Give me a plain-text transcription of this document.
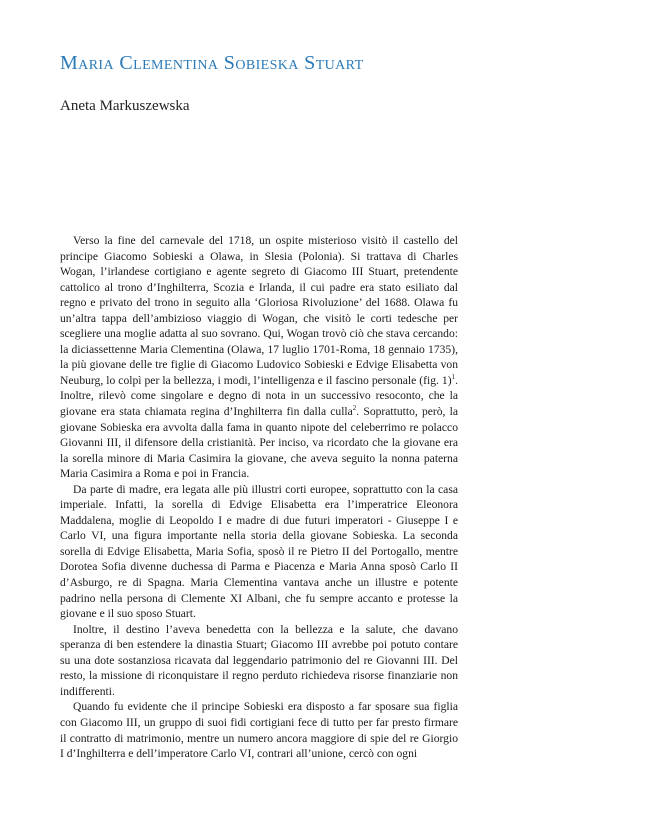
Maria Clementina Sobieska Stuart
Aneta Markuszewska

Verso la fine del carnevale del 1718, un ospite misterioso visitò il castello del principe Giacomo Sobieski a Olawa, in Slesia (Polonia). Si trattava di Charles Wogan, l’irlandese cortigiano e agente segreto di Giacomo III Stuart, pretendente cattolico al trono d’Inghilterra, Scozia e Irlanda, il cui padre era stato esiliato dal regno e privato del trono in seguito alla ‘Gloriosa Rivoluzione’ del 1688. Olawa fu un’altra tappa dell’ambizioso viaggio di Wogan, che visitò le corti tedesche per scegliere una moglie adatta al suo sovrano. Qui, Wogan trovò ciò che stava cercando: la diciassettenne Maria Clementina (Olawa, 17 luglio 1701-Roma, 18 gennaio 1735), la più giovane delle tre figlie di Giacomo Ludovico Sobieski e Edvige Elisabetta von Neuburg, lo colpì per la bellezza, i modi, l’intelligenza e il fascino personale (fig. 1)$^1$. Inoltre, rilevò come singolare e degno di nota in un successivo resoconto, che la giovane era stata chiamata regina d’Inghilterra fin dalla culla$^2$. Soprattutto, però, la giovane Sobieska era avvolta dalla fama in quanto nipote del celeberrimo re polacco Giovanni III, il difensore della cristianità. Per inciso, va ricordato che la giovane era la sorella minore di Maria Casimira la giovane, che aveva seguito la nonna paterna Maria Casimira a Roma e poi in Francia.

Da parte di madre, era legata alle più illustri corti europee, soprattutto con la casa imperiale. Infatti, la sorella di Edvige Elisabetta era l’imperatrice Eleonora Maddalena, moglie di Leopoldo I e madre di due futuri imperatori - Giuseppe I e Carlo VI, una figura importante nella storia della giovane Sobieska. La seconda sorella di Edvige Elisabetta, Maria Sofia, sposò il re Pietro II del Portogallo, mentre Dorotea Sofia divenne duchessa di Parma e Piacenza e Maria Anna sposò Carlo II d’Asburgo, re di Spagna. Maria Clementina vantava anche un illustre e potente padrino nella persona di Clemente XI Albani, che fu sempre accanto e protesse la giovane e il suo sposo Stuart.

Inoltre, il destino l’aveva benedetta con la bellezza e la salute, che davano speranza di ben estendere la dinastia Stuart; Giacomo III avrebbe poi potuto contare su una dote sostanziosa ricavata dal leggendario patrimonio del re Giovanni III. Del resto, la missione di riconquistare il regno perduto richiedeva risorse finanziarie non indifferenti.

Quando fu evidente che il principe Sobieski era disposto a far sposare sua figlia con Giacomo III, un gruppo di suoi fidi cortigiani fece di tutto per far presto firmare il contratto di matrimonio, mentre un numero ancora maggiore di spie del re Giorgio I d’Inghilterra e dell’imperatore Carlo VI, contrari all’unione, cercò con ogni
